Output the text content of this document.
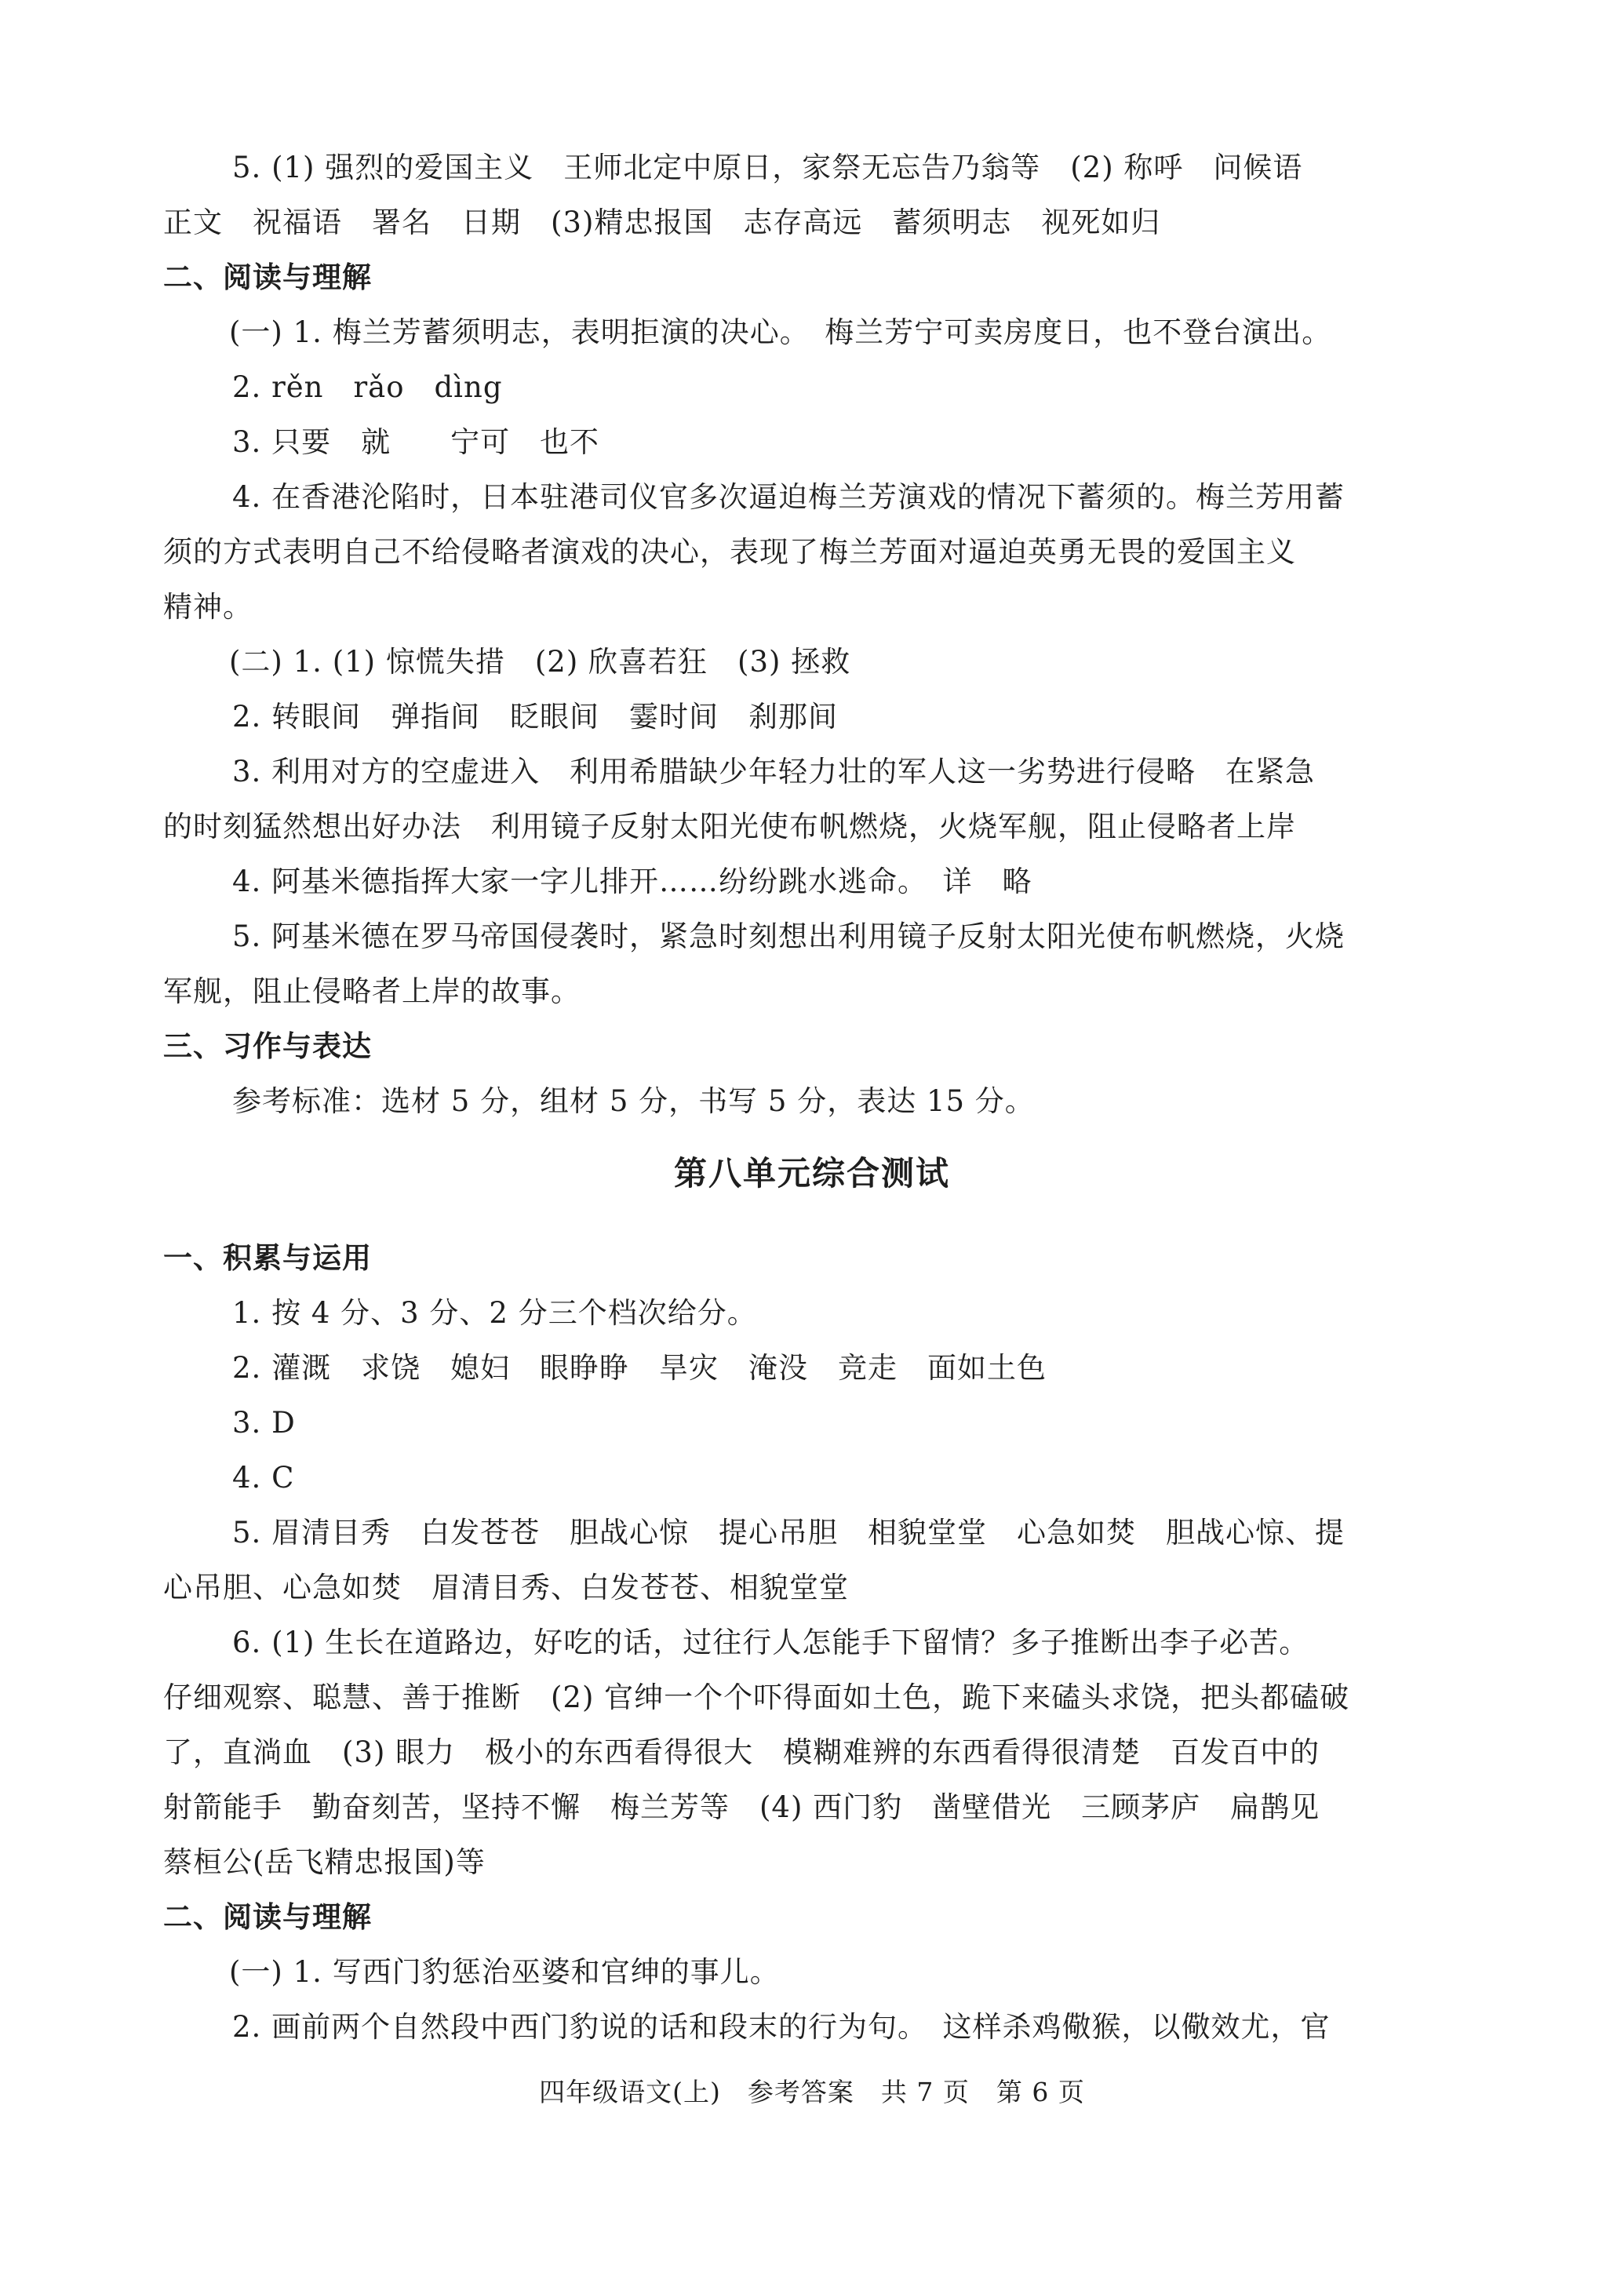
5. (1) 强烈的爱国主义　王师北定中原日，家祭无忘告乃翁等　(2) 称呼　问候语
正文　祝福语　署名　日期　(3)精忠报国　志存高远　蓄须明志　视死如归
二、阅读与理解
(一) 1. 梅兰芳蓄须明志，表明拒演的决心。　梅兰芳宁可卖房度日，也不登台演出。
2. rěn　rǎo　dìng
3. 只要　就　　宁可　也不
4. 在香港沦陷时，日本驻港司仪官多次逼迫梅兰芳演戏的情况下蓄须的。梅兰芳用蓄
须的方式表明自己不给侵略者演戏的决心，表现了梅兰芳面对逼迫英勇无畏的爱国主义
精神。
(二) 1. (1) 惊慌失措　(2) 欣喜若狂　(3) 拯救
2. 转眼间　弹指间　眨眼间　霎时间　刹那间
3. 利用对方的空虚进入　利用希腊缺少年轻力壮的军人这一劣势进行侵略　在紧急
的时刻猛然想出好办法　利用镜子反射太阳光使布帆燃烧，火烧军舰，阻止侵略者上岸
4. 阿基米德指挥大家一字儿排开……纷纷跳水逃命。　详　略
5. 阿基米德在罗马帝国侵袭时，紧急时刻想出利用镜子反射太阳光使布帆燃烧，火烧
军舰，阻止侵略者上岸的故事。
三、习作与表达
参考标准：选材 5 分，组材 5 分，书写 5 分，表达 15 分。
第八单元综合测试
一、积累与运用
1. 按 4 分、3 分、2 分三个档次给分。
2. 灌溉　求饶　媳妇　眼睁睁　旱灾　淹没　竞走　面如土色
3. D
4. C
5. 眉清目秀　白发苍苍　胆战心惊　提心吊胆　相貌堂堂　心急如焚　胆战心惊、提
心吊胆、心急如焚　眉清目秀、白发苍苍、相貌堂堂
6. (1) 生长在道路边，好吃的话，过往行人怎能手下留情？多子推断出李子必苦。
仔细观察、聪慧、善于推断　(2) 官绅一个个吓得面如土色，跪下来磕头求饶，把头都磕破
了，直淌血　(3) 眼力　极小的东西看得很大　模糊难辨的东西看得很清楚　百发百中的
射箭能手　勤奋刻苦，坚持不懈　梅兰芳等　(4) 西门豹　凿壁借光　三顾茅庐　扁鹊见
蔡桓公(岳飞精忠报国)等
二、阅读与理解
(一) 1. 写西门豹惩治巫婆和官绅的事儿。
2. 画前两个自然段中西门豹说的话和段末的行为句。　这样杀鸡儆猴，以儆效尤，官
四年级语文(上)　参考答案　共 7 页　第 6 页
